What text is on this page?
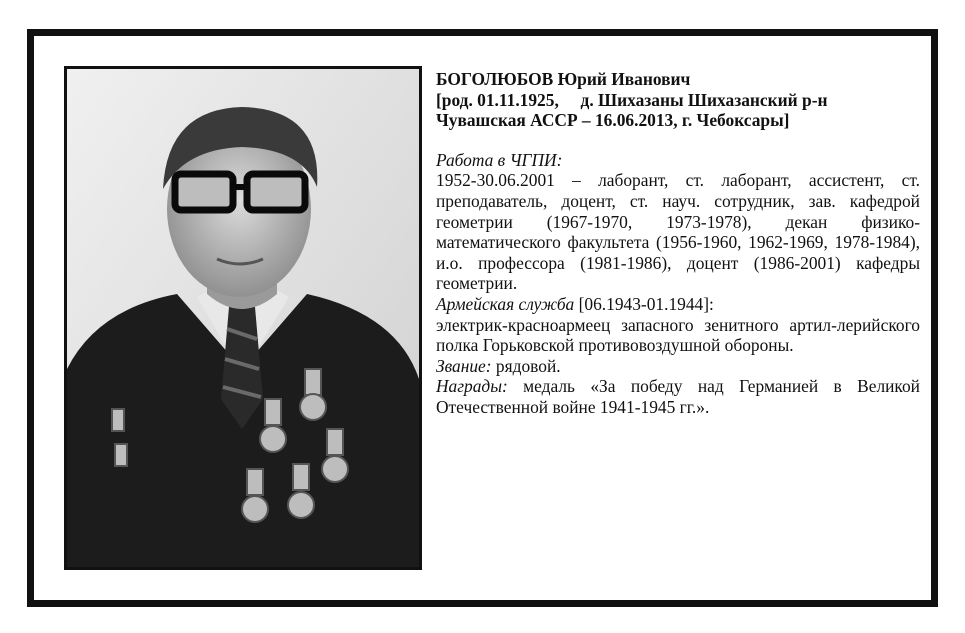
БОГОЛЮБОВ Юрий Иванович

[род. 01.11.1925,     д. Шихазаны Шихазанский р-н

Чувашская АССР – 16.06.2013, г. Чебоксары]

Работа в ЧГПИ:

1952-30.06.2001 – лаборант, ст. лаборант, ассистент, ст. преподаватель, доцент, ст. науч. сотрудник, зав. кафедрой геометрии (1967-1970, 1973-1978), декан физико-математического факультета (1956-1960, 1962-1969, 1978-1984), и.о. профессора (1981-1986), доцент (1986-2001) кафедры геометрии.

Армейская служба [06.1943-01.1944]:

электрик-красноармеец запасного зенитного артил-лерийского полка Горьковской противовоздушной обороны.

Звание: рядовой.

Награды: медаль «За победу над Германией в Великой Отечественной войне 1941-1945 гг.».
